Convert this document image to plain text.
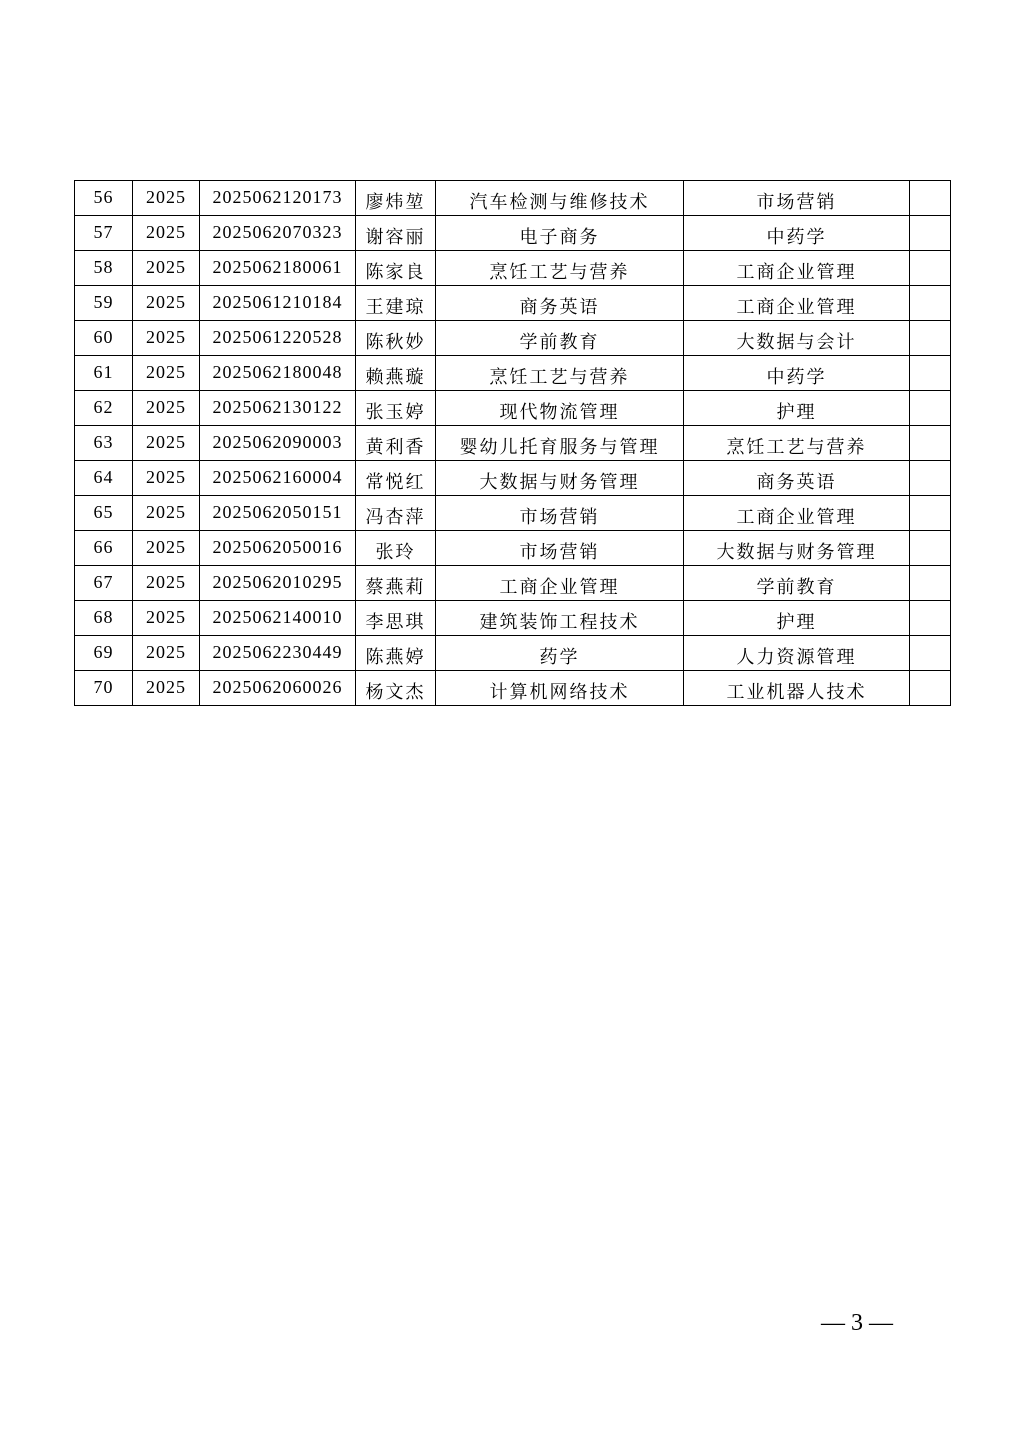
56	2025	2025062120173	廖炜堃	汽车检测与维修技术	市场营销	
57	2025	2025062070323	谢容丽	电子商务	中药学	
58	2025	2025062180061	陈家良	烹饪工艺与营养	工商企业管理	
59	2025	2025061210184	王建琼	商务英语	工商企业管理	
60	2025	2025061220528	陈秋妙	学前教育	大数据与会计	
61	2025	2025062180048	赖燕璇	烹饪工艺与营养	中药学	
62	2025	2025062130122	张玉婷	现代物流管理	护理	
63	2025	2025062090003	黄利香	婴幼儿托育服务与管理	烹饪工艺与营养	
64	2025	2025062160004	常悦红	大数据与财务管理	商务英语	
65	2025	2025062050151	冯杏萍	市场营销	工商企业管理	
66	2025	2025062050016	张玲	市场营销	大数据与财务管理	
67	2025	2025062010295	蔡燕莉	工商企业管理	学前教育	
68	2025	2025062140010	李思琪	建筑装饰工程技术	护理	
69	2025	2025062230449	陈燕婷	药学	人力资源管理	
70	2025	2025062060026	杨文杰	计算机网络技术	工业机器人技术	
— 3 —
